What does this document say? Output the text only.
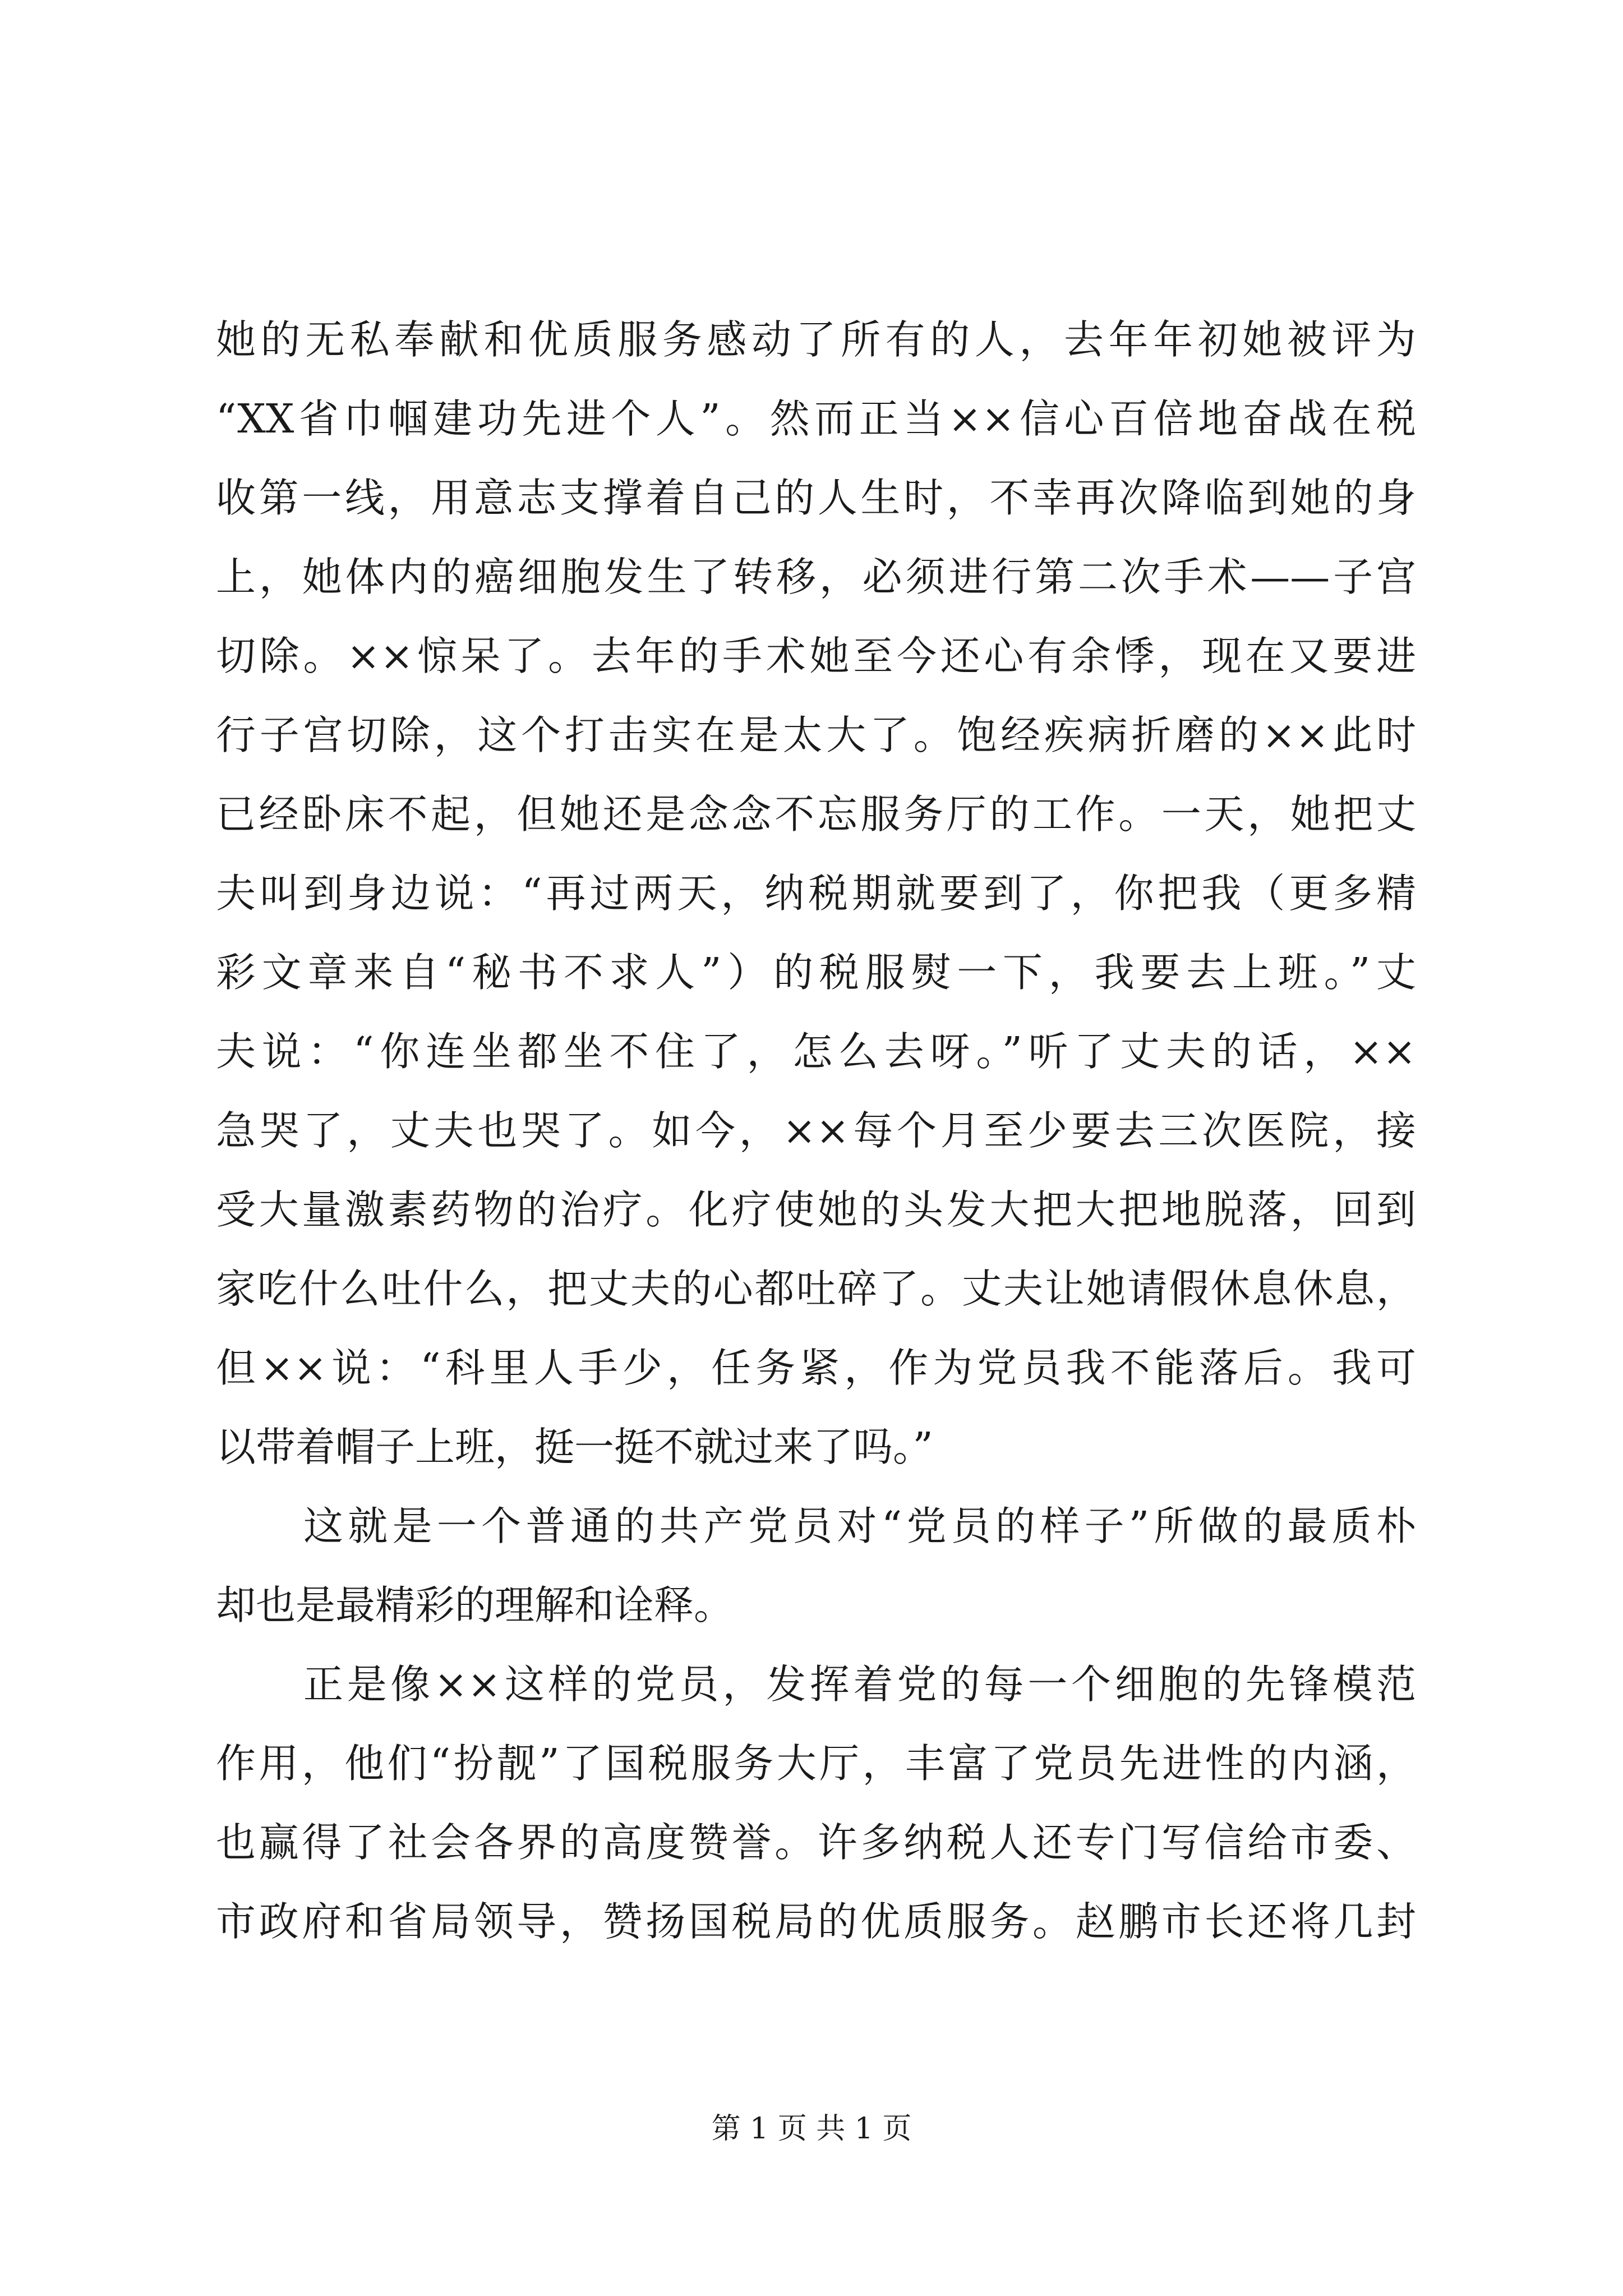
她的无私奉献和优质服务感动了所有的人，去年年初她被评为
“XX省巾帼建功先进个人”。然而正当××信心百倍地奋战在税
收第一线，用意志支撑着自己的人生时，不幸再次降临到她的身
上，她体内的癌细胞发生了转移，必须进行第二次手术——子宫
切除。××惊呆了。去年的手术她至今还心有余悸，现在又要进
行子宫切除，这个打击实在是太大了。饱经疾病折磨的××此时
已经卧床不起，但她还是念念不忘服务厅的工作。一天，她把丈
夫叫到身边说：“再过两天，纳税期就要到了，你把我（更多精
彩文章来自“秘书不求人”）的税服熨一下，我要去上班。”丈
夫说：“你连坐都坐不住了，怎么去呀。”听了丈夫的话，××
急哭了，丈夫也哭了。如今，××每个月至少要去三次医院，接
受大量激素药物的治疗。化疗使她的头发大把大把地脱落，回到
家吃什么吐什么，把丈夫的心都吐碎了。丈夫让她请假休息休息，
但××说：“科里人手少，任务紧，作为党员我不能落后。我可
以带着帽子上班，挺一挺不就过来了吗。”
这就是一个普通的共产党员对“党员的样子”所做的最质朴
却也是最精彩的理解和诠释。
正是像××这样的党员，发挥着党的每一个细胞的先锋模范
作用，他们“扮靓”了国税服务大厅，丰富了党员先进性的内涵，
也赢得了社会各界的高度赞誉。许多纳税人还专门写信给市委、
市政府和省局领导，赞扬国税局的优质服务。赵鹏市长还将几封
第 1 页 共 1 页
